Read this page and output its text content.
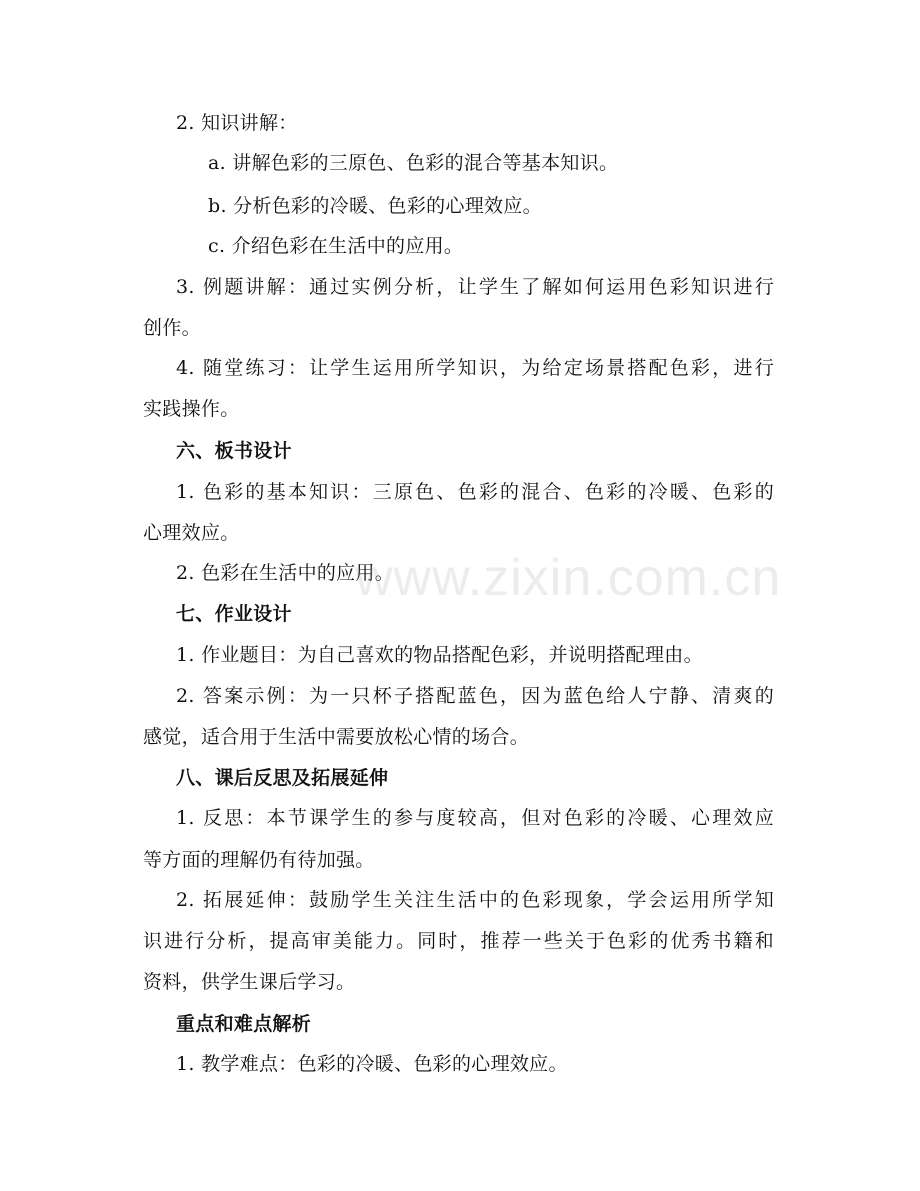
2. 知识讲解：
a. 讲解色彩的三原色、色彩的混合等基本知识。
b. 分析色彩的冷暖、色彩的心理效应。
c. 介绍色彩在生活中的应用。
3. 例题讲解：通过实例分析，让学生了解如何运用色彩知识进行
创作。
4. 随堂练习：让学生运用所学知识，为给定场景搭配色彩，进行
实践操作。
六、板书设计
1. 色彩的基本知识：三原色、色彩的混合、色彩的冷暖、色彩的
心理效应。
2. 色彩在生活中的应用。
七、作业设计
1. 作业题目：为自己喜欢的物品搭配色彩，并说明搭配理由。
2. 答案示例：为一只杯子搭配蓝色，因为蓝色给人宁静、清爽的
感觉，适合用于生活中需要放松心情的场合。
八、课后反思及拓展延伸
1. 反思：本节课学生的参与度较高，但对色彩的冷暖、心理效应
等方面的理解仍有待加强。
2. 拓展延伸：鼓励学生关注生活中的色彩现象，学会运用所学知
识进行分析，提高审美能力。同时，推荐一些关于色彩的优秀书籍和
资料，供学生课后学习。
重点和难点解析
1. 教学难点：色彩的冷暖、色彩的心理效应。
www.zixin.com.cn
